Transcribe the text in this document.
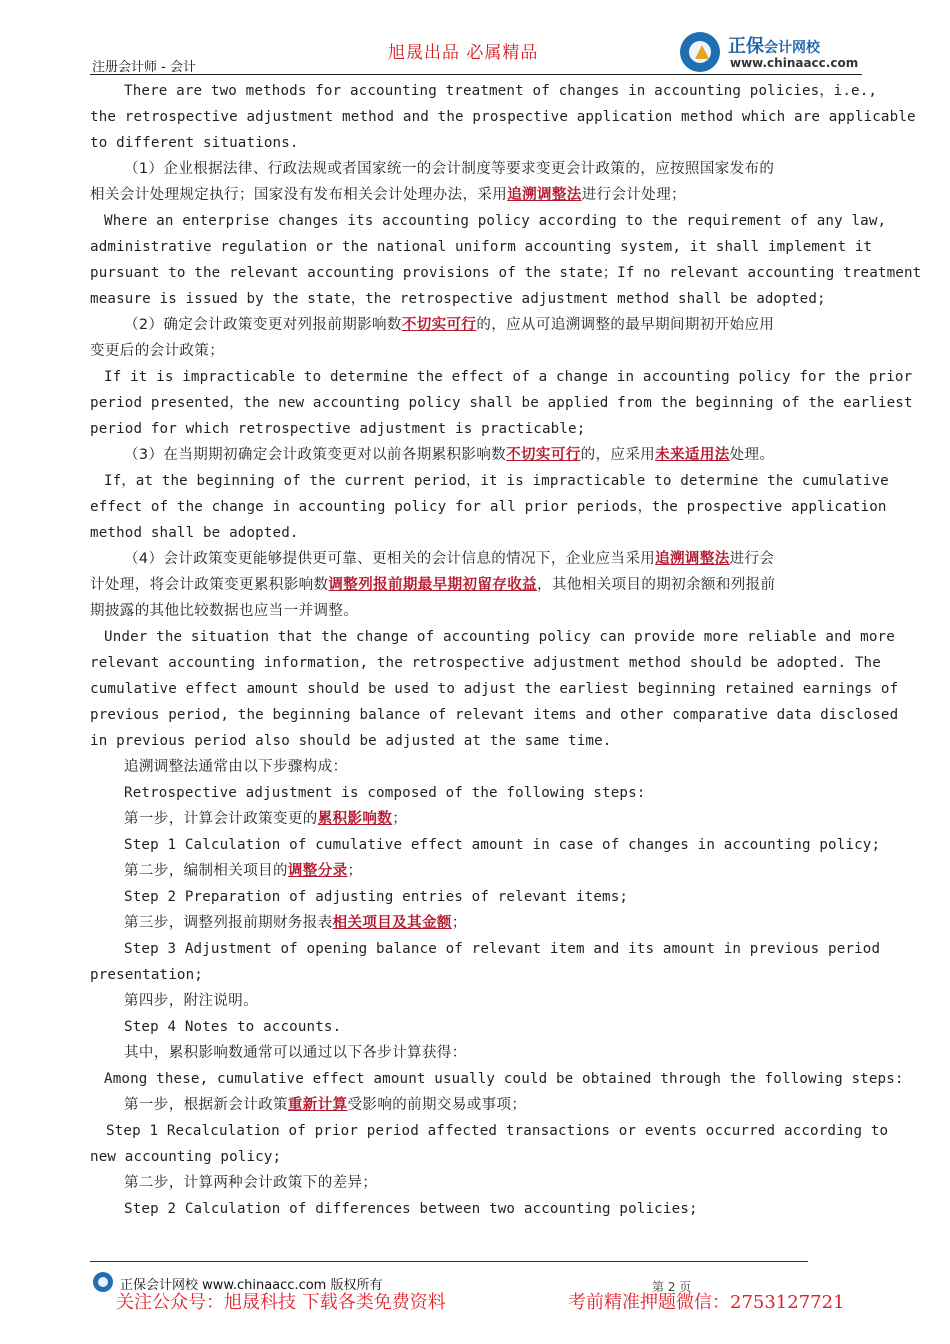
注册会计师 - 会计
旭晟出品 必属精品	正保会计网校
www.chinaacc.com
There are two methods for accounting treatment of changes in accounting policies，i.e.,
the retrospective adjustment method and the prospective application method which are applicable
to different situations.
（1）企业根据法律、行政法规或者国家统一的会计制度等要求变更会计政策的，应按照国家发布的
相关会计处理规定执行；国家没有发布相关会计处理办法，采用追溯调整法进行会计处理；
Where an enterprise changes its accounting policy according to the requirement of any law,
administrative regulation or the national uniform accounting system, it shall implement it
pursuant to the relevant accounting provisions of the state；If no relevant accounting treatment
measure is issued by the state，the retrospective adjustment method shall be adopted;
（2）确定会计政策变更对列报前期影响数不切实可行的，应从可追溯调整的最早期间期初开始应用
变更后的会计政策；
If it is impracticable to determine the effect of a change in accounting policy for the prior
period presented，the new accounting policy shall be applied from the beginning of the earliest
period for which retrospective adjustment is practicable;
（3）在当期期初确定会计政策变更对以前各期累积影响数不切实可行的，应采用未来适用法处理。
If，at the beginning of the current period，it is impracticable to determine the cumulative
effect of the change in accounting policy for all prior periods，the prospective application
method shall be adopted.
（4）会计政策变更能够提供更可靠、更相关的会计信息的情况下，企业应当采用追溯调整法进行会
计处理，将会计政策变更累积影响数调整列报前期最早期初留存收益，其他相关项目的期初余额和列报前
期披露的其他比较数据也应当一并调整。
Under the situation that the change of accounting policy can provide more reliable and more
relevant accounting information, the retrospective adjustment method should be adopted. The
cumulative effect amount should be used to adjust the earliest beginning retained earnings of
previous period, the beginning balance of relevant items and other comparative data disclosed
in previous period also should be adjusted at the same time.
追溯调整法通常由以下步骤构成：
Retrospective adjustment is composed of the following steps:
第一步，计算会计政策变更的累积影响数；
Step 1 Calculation of cumulative effect amount in case of changes in accounting policy;
第二步，编制相关项目的调整分录；
Step 2 Preparation of adjusting entries of relevant items;
第三步，调整列报前期财务报表相关项目及其金额；
Step 3 Adjustment of opening balance of relevant item and its amount in previous period
presentation;
第四步，附注说明。
Step 4 Notes to accounts.
其中，累积影响数通常可以通过以下各步计算获得：
Among these, cumulative effect amount usually could be obtained through the following steps:
第一步，根据新会计政策重新计算受影响的前期交易或事项；
Step 1 Recalculation of prior period affected transactions or events occurred according to
new accounting policy;
第二步，计算两种会计政策下的差异；
Step 2 Calculation of differences between two accounting policies;
正保会计网校 www.chinaacc.com 版权所有	第 2 页
关注公众号：旭晟科技 下载各类免费资料	考前精准押题微信：2753127721
